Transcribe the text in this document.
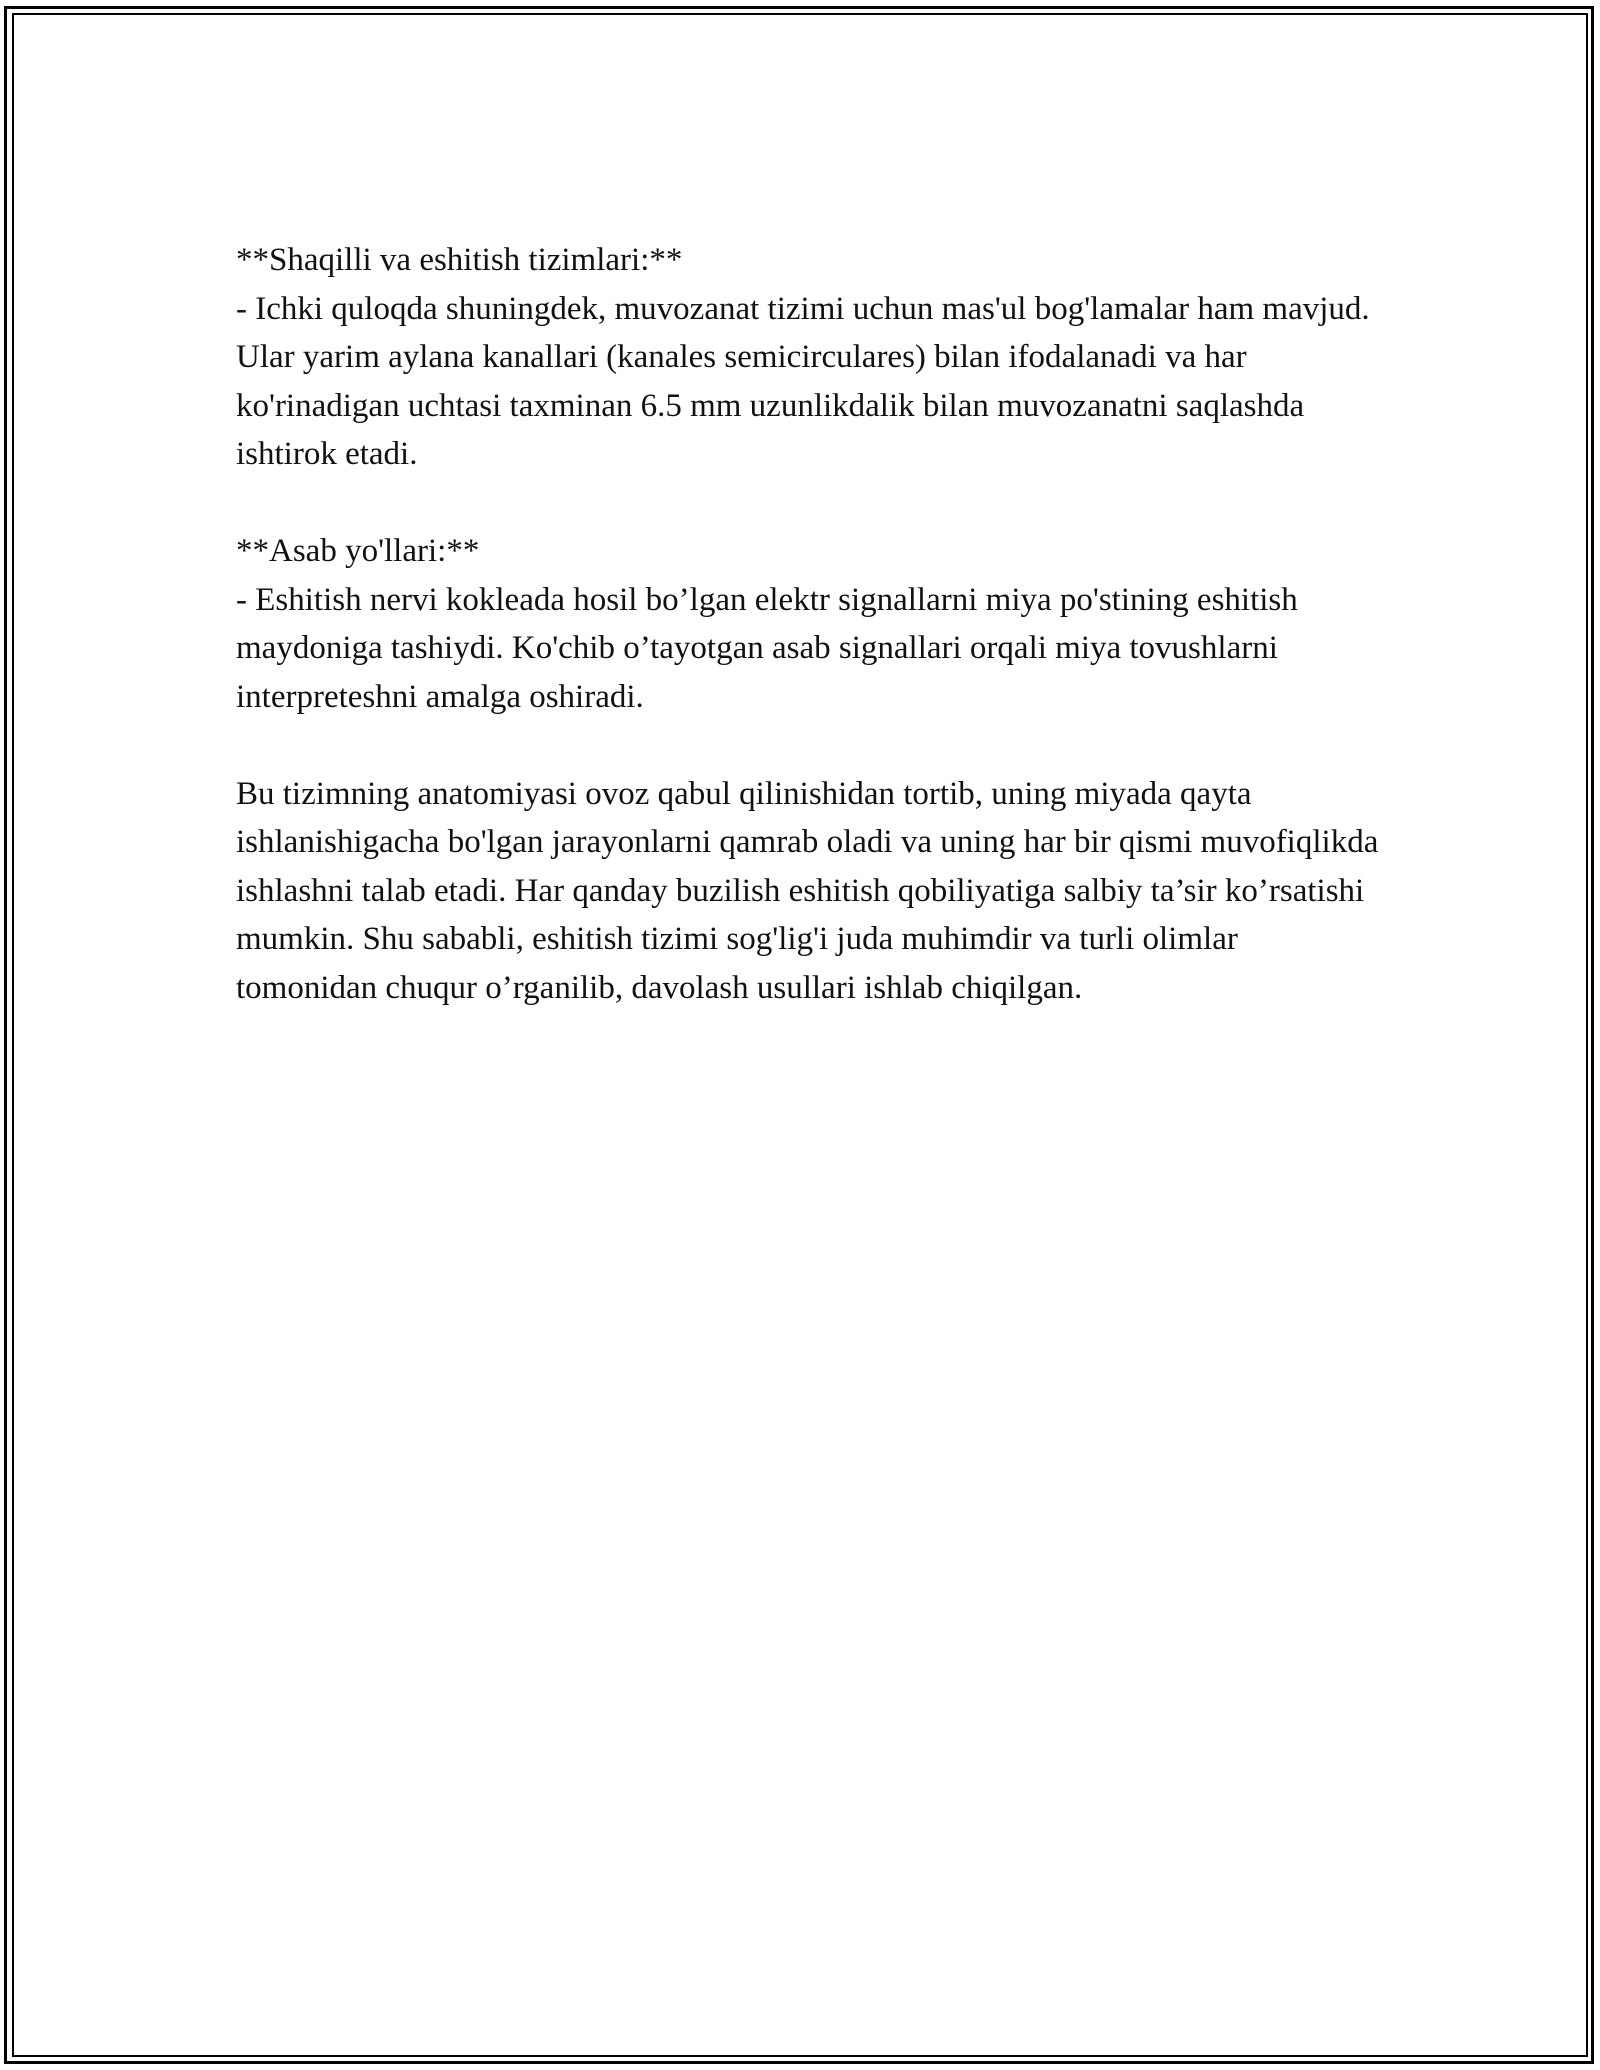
**Shaqilli va eshitish tizimlari:**

- Ichki quloqda shuningdek, muvozanat tizimi uchun mas'ul bog'lamalar ham mavjud. Ular yarim aylana kanallari (kanales semicirculares) bilan ifodalanadi va har ko'rinadigan uchtasi taxminan 6.5 mm uzunlikdalik bilan muvozanatni saqlashda ishtirok etadi.

**Asab yo'llari:**

- Eshitish nervi kokleada hosil bo’lgan elektr signallarni miya po'stining eshitish maydoniga tashiydi. Ko'chib o’tayotgan asab signallari orqali miya tovushlarni interpreteshni amalga oshiradi.

Bu tizimning anatomiyasi ovoz qabul qilinishidan tortib, uning miyada qayta ishlanishigacha bo'lgan jarayonlarni qamrab oladi va uning har bir qismi muvofiqlikda ishlashni talab etadi. Har qanday buzilish eshitish qobiliyatiga salbiy ta’sir ko’rsatishi mumkin. Shu sababli, eshitish tizimi sog'lig'i juda muhimdir va turli olimlar tomonidan chuqur o’rganilib, davolash usullari ishlab chiqilgan.
